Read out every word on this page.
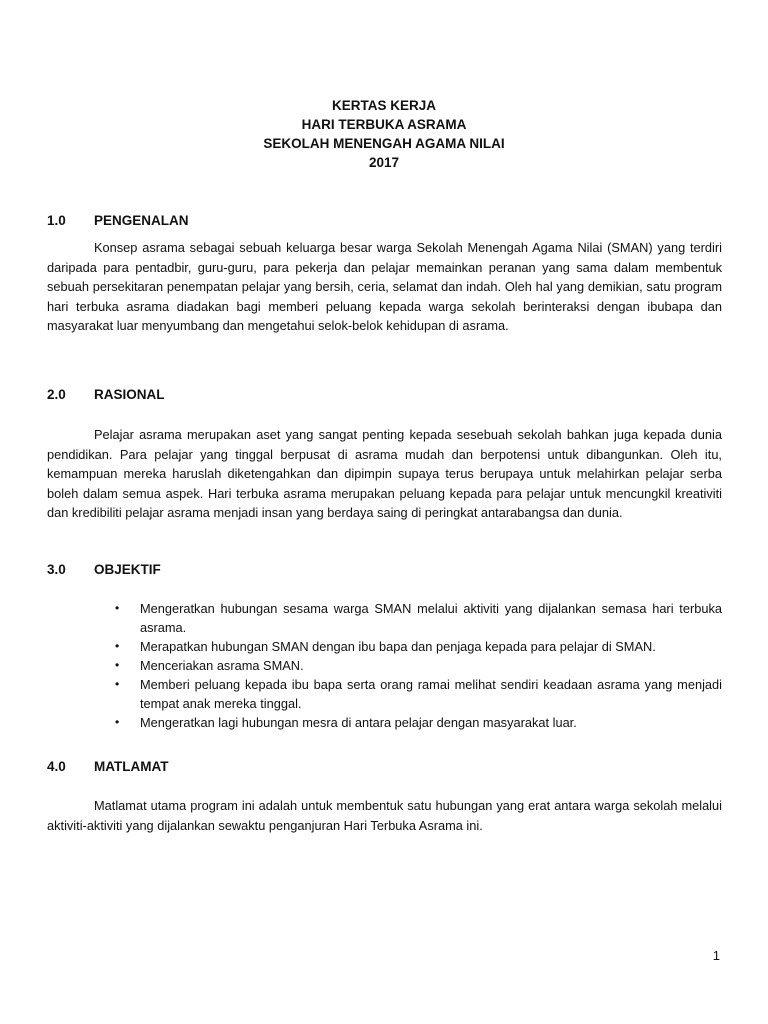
KERTAS KERJA
HARI TERBUKA ASRAMA
SEKOLAH MENENGAH AGAMA NILAI
2017
1.0 PENGENALAN

Konsep asrama sebagai sebuah keluarga besar warga Sekolah Menengah Agama Nilai (SMAN) yang terdiri daripada para pentadbir, guru-guru, para pekerja dan pelajar memainkan peranan yang sama dalam membentuk sebuah persekitaran penempatan pelajar yang bersih, ceria, selamat dan indah. Oleh hal yang demikian, satu program hari terbuka asrama diadakan bagi memberi peluang kepada warga sekolah berinteraksi dengan ibubapa dan masyarakat luar menyumbang dan mengetahui selok-belok kehidupan di asrama.

2.0 RASIONAL

Pelajar asrama merupakan aset yang sangat penting kepada sesebuah sekolah bahkan juga kepada dunia pendidikan. Para pelajar yang tinggal berpusat di asrama mudah dan berpotensi untuk dibangunkan. Oleh itu, kemampuan mereka haruslah diketengahkan dan dipimpin supaya terus berupaya untuk melahirkan pelajar serba boleh dalam semua aspek. Hari terbuka asrama merupakan peluang kepada para pelajar untuk mencungkil kreativiti dan kredibiliti pelajar asrama menjadi insan yang berdaya saing di peringkat antarabangsa dan dunia.

3.0 OBJEKTIF
• Mengeratkan hubungan sesama warga SMAN melalui aktiviti yang dijalankan semasa hari terbuka asrama.
• Merapatkan hubungan SMAN dengan ibu bapa dan penjaga kepada para pelajar di SMAN.
• Menceriakan asrama SMAN.
• Memberi peluang kepada ibu bapa serta orang ramai melihat sendiri keadaan asrama yang menjadi tempat anak mereka tinggal.
• Mengeratkan lagi hubungan mesra di antara pelajar dengan masyarakat luar.
4.0 MATLAMAT

Matlamat utama program ini adalah untuk membentuk satu hubungan yang erat antara warga sekolah melalui aktiviti-aktiviti yang dijalankan sewaktu penganjuran Hari Terbuka Asrama ini.

1
